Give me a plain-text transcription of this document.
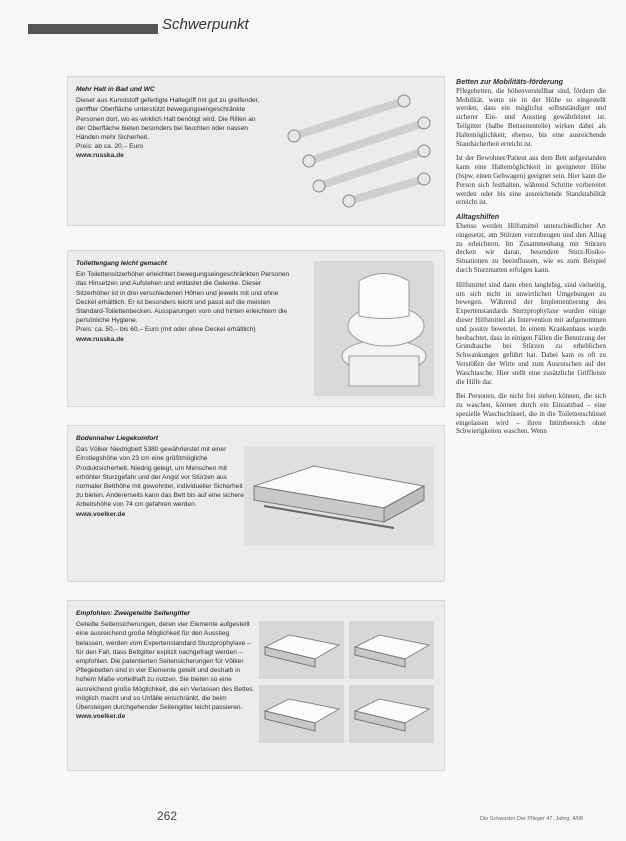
Schwerpunkt
Mehr Halt in Bad und WC
Dieser aus Kunststoff gefertigte Haltegriff mit gut zu greifender, geriffter Oberfläche unterstützt bewegungseingeschränkte Personen dort, wo es wirklich Halt benötigt wird. Die Rillen an der Oberfläche bieten besonders bei feuchten oder nassen Händen mehr Sicherheit.
Preis: ab ca. 20,– Euro
www.russka.de
Toilettengang leicht gemacht
Ein Toilettensitzerhöher erleichtert bewegungseingeschränkten Personen das Hinsetzen und Aufstehen und entlastet die Gelenke. Dieser Sitzerhöher ist in drei verschiedenen Höhen und jeweils mit und ohne Deckel erhältlich. Er ist besonders leicht und passt auf die meisten Standard-Toilettenbecken. Aussparungen vorn und hinten erleichtern die persönliche Hygiene.
Preis: ca. 50,– bis 60,– Euro (mit oder ohne Deckel erhältlich)
www.russka.de
Bodennaher Liegekomfort
Das Völker Niedrigbett 5380 gewährleistet mit einer Einstiegshöhe von 23 cm eine größtmögliche Produktsicherheit. Niedrig gelegt, um Menschen mit erhöhter Sturzgefahr und der Angst vor Stürzen aus normaler Betthöhe mit gewohnter, individueller Sicherheit zu bieten. Andererseits kann das Bett bis auf eine sichere Arbeitshöhe von 74 cm gefahren werden.
www.voelker.de
Empfohlen: Zweigeteilte Seitengitter
Geteilte Seitensicherungen, deren vier Elemente aufgestellt eine ausreichend große Möglichkeit für den Ausstieg belassen, werden vom Expertenstandard Sturzprophylaxe – für den Fall, dass Bettgitter explizit nachgefragt werden – empfohlen. Die patentierten Seitensicherungen für Völker Pflegebetten sind in vier Elemente geteilt und deshalb in hohem Maße vorteilhaft zu nutzen. Sie bieten so eine ausreichend große Möglichkeit, die ein Verlassen des Bettes möglich macht und so Unfälle einschränkt, die beim Übersteigen durchgehender Seitengitter leicht passieren.
www.voelker.de
Betten zur Mobilitäts-förderung

Pflegebetten, die höhenverstellbar sind, fördern die Mobilität, wenn sie in der Höhe so eingestellt werden, dass ein möglichst selbstständiger und sicherer Ein- und Ausstieg gewährleistet ist. Teilgitter (halbe Bettseitenteile) wirken dabei als Haltemöglichkeit; ebenso, bis eine ausreichende Standsicherheit erreicht ist.

Ist der Bewohner/Patient aus dem Bett aufgestanden kann eine Haltemöglichkeit in geeigneter Höhe (bspw. einen Gehwagen) geeignet sein. Hier kann die Person sich festhalten, während Schritte vorbereitet werden oder bis eine ausreichende Standstabilität erreicht ist.

Alltagshilfen

Ebenso werden Hilfsmittel unterschiedlicher Art eingesetzt, um Stürzen vorzubeugen und den Alltag zu erleichtern. Im Zusammenhang mit Stürzen decken wir daran, besondere Sturz-Risiko-Situationen zu beeinflussen, wie es zum Beispiel durch Sturzmatten erfolgen kann.

Hilfsmittel sind dann eben langlebig, sind vielseitig, um sich nicht in unwirtlichen Umgebungen zu bewegen. Während der Implementierung des Expertenstandards Sturzprophylaxe wurden einige dieser Hilfsmittel als Intervention mit aufgenommen und positiv bewertet. In einem Krankenhaus wurde beobachtet, dass in einigen Fällen die Benutzung der Grundtasche bei Stürzen zu erheblichen Schwankungen geführt hat. Dabei kam es oft zu Verstößen der Wirte und zum Ausrutschen auf der Waschtasche. Hier stellt eine zusätzliche Griffleiste die Hilfe dar.

Bei Personen, die nicht frei stehen können, die sich zu waschen, können durch ein Einsatzbad – eine spezielle Waschschüssel, die in die Toilettenschüssel eingelassen wird – ihren Intimbereich ohne Schwierigkeiten waschen. Wenn

262	Die Schwester Der Pfleger 47. Jahrg. 4/08
